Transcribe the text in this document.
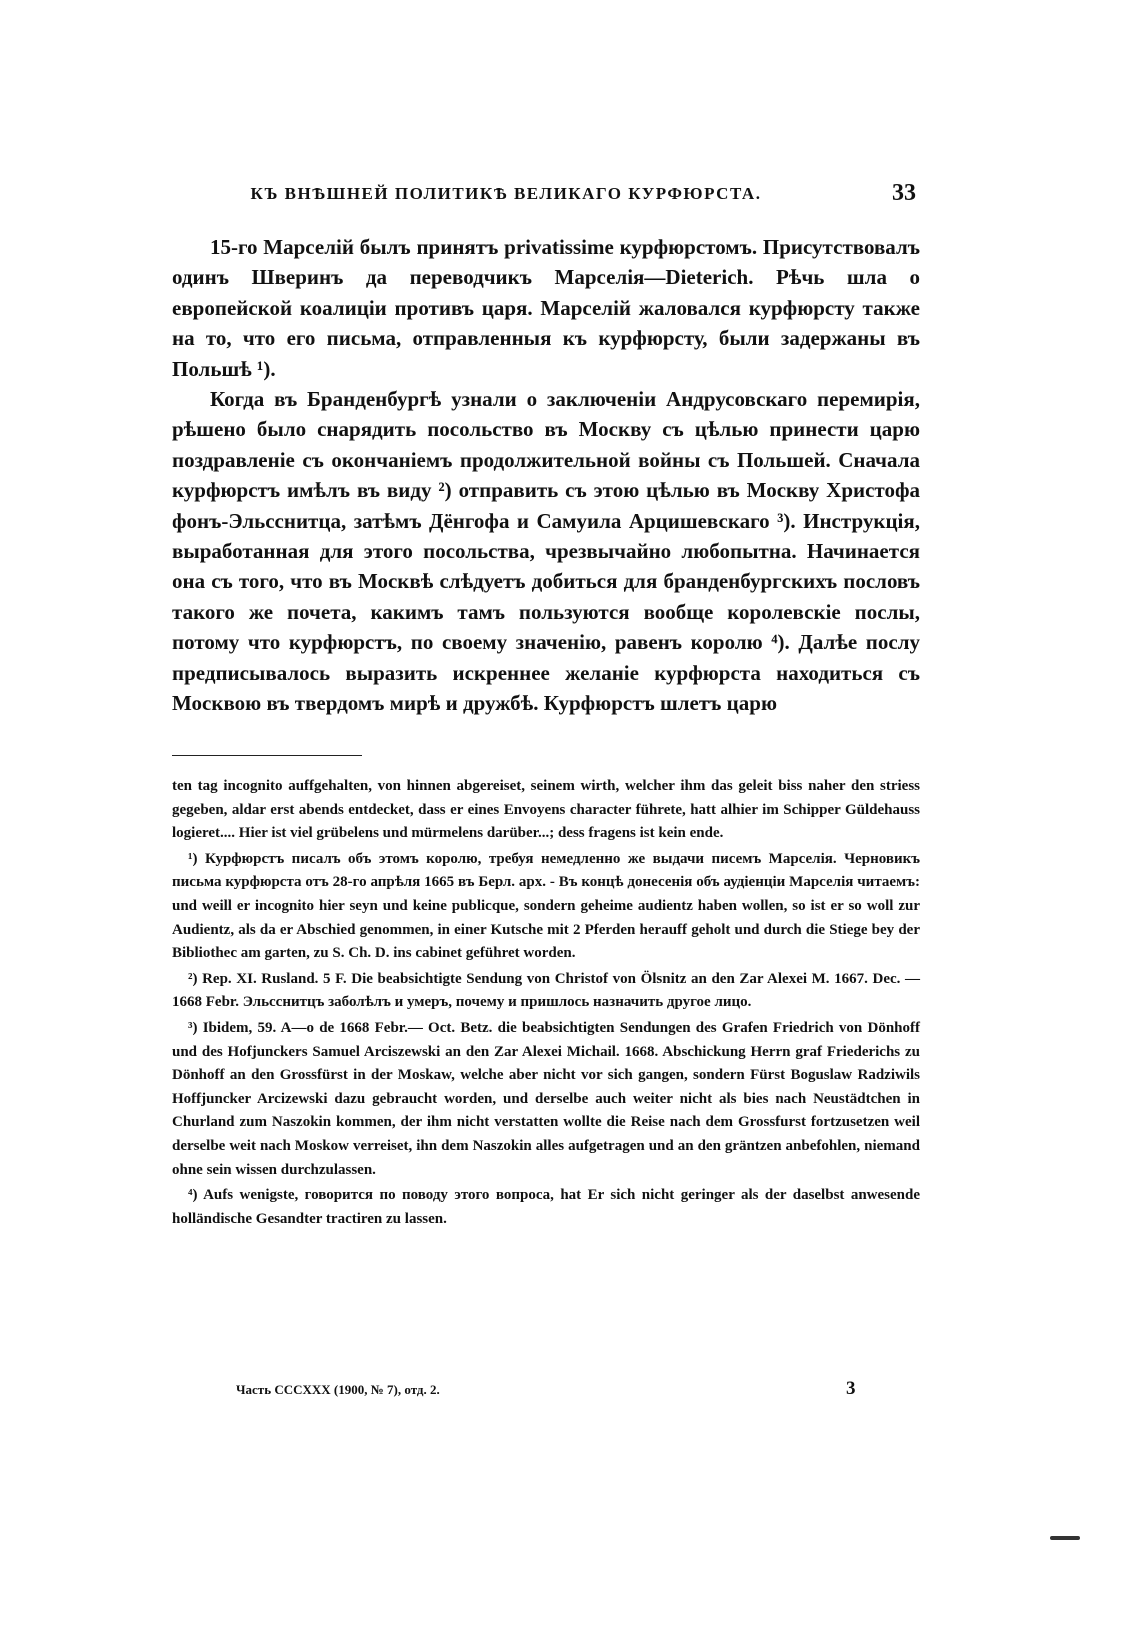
КЪ ВНѢШНЕЙ ПОЛИТИКѢ ВЕЛИКАГО КУРФЮРСТА.	33

15-го Марселій былъ принятъ privatissime курфюрстомъ. Присутствовалъ одинъ Шверинъ да переводчикъ Марселія—Dieterich. Рѣчь шла о европейской коалиціи противъ царя. Марселій жаловался курфюрсту также на то, что его письма, отправленныя къ курфюрсту, были задержаны въ Польшѣ ¹).

Когда въ Бранденбургѣ узнали о заключеніи Андрусовскаго перемирія, рѣшено было снарядить посольство въ Москву съ цѣлью принести царю поздравленіе съ окончаніемъ продолжительной войны съ Польшей. Сначала курфюрстъ имѣлъ въ виду ²) отправить съ этою цѣлью въ Москву Христофа фонъ-Эльсснитца, затѣмъ Дёнгофа и Самуила Арцишевскаго ³). Инструкція, выработанная для этого посольства, чрезвычайно любопытна. Начинается она съ того, что въ Москвѣ слѣдуетъ добиться для бранденбургскихъ пословъ такого же почета, какимъ тамъ пользуются вообще королевскіе послы, потому что курфюрстъ, по своему значенію, равенъ королю ⁴). Далѣе послу предписывалось выразить искреннее желаніе курфюрста находиться съ Москвою въ твердомъ мирѣ и дружбѣ. Курфюрстъ шлетъ царю

ten tag incognito auffgehalten, von hinnen abgereiset, seinem wirth, welcher ihm das geleit biss naher den striess gegeben, aldar erst abends entdecket, dass er eines Envoyens character führete, hatt alhier im Schipper Güldehauss logieret.... Hier ist viel grübelens und mürmelens darüber...; dess fragens ist kein ende.

¹) Курфюрстъ писалъ объ этомъ королю, требуя немедленно же выдачи писемъ Марселія. Черновикъ письма курфюрста отъ 28-го апрѣля 1665 въ Берл. арх. - Въ концѣ донесенія объ аудіенціи Марселія читаемъ: und weill er incognito hier seyn und keine publicque, sondern geheime audientz haben wollen, so ist er so woll zur Audientz, als da er Abschied genommen, in einer Kutsche mit 2 Pferden herauff geholt und durch die Stiege bey der Bibliothec am garten, zu S. Ch. D. ins cabinet geführet worden.

²) Rep. XI. Rusland. 5 F. Die beabsichtigte Sendung von Christof von Ölsnitz an den Zar Alexei M. 1667. Dec. — 1668 Febr. Эльсснитцъ заболѣлъ и умеръ, почему и пришлось назначить другое лицо.

³) Ibidem, 59. A—o de 1668 Febr.— Oct. Betz. die beabsichtigten Sendungen des Grafen Friedrich von Dönhoff und des Hofjunckers Samuel Arciszewski an den Zar Alexei Michail. 1668. Abschickung Herrn graf Friederichs zu Dönhoff an den Grossfürst in der Moskaw, welche aber nicht vor sich gangen, sondern Fürst Boguslaw Radziwils Hoffjuncker Arcizewski dazu gebraucht worden, und derselbe auch weiter nicht als bies nach Neustädtchen in Churland zum Naszokin kommen, der ihm nicht verstatten wollte die Reise nach dem Grossfurst fortzusetzen weil derselbe weit nach Moskow verreiset, ihn dem Naszokin alles aufgetragen und an den gräntzen anbefohlen, niemand ohne sein wissen durchzulassen.

⁴) Aufs wenigste, говорится по поводу этого вопроса, hat Er sich nicht geringer als der daselbst anwesende holländische Gesandter tractiren zu lassen.

Часть CCCXXX (1900, № 7), отд. 2.	3
